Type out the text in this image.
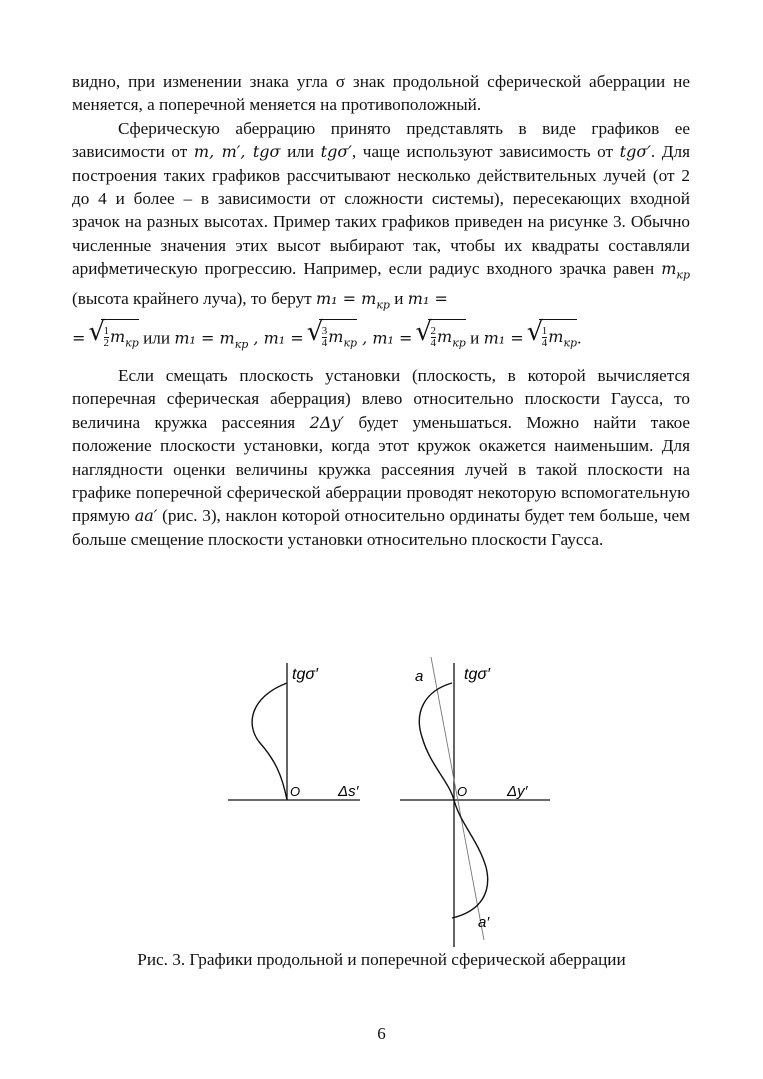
видно, при изменении знака угла σ знак продольной сферической аберрации не меняется, а поперечной меняется на противоположный.

Сферическую аберрацию принято представлять в виде графиков ее зависимости от m, m′, tgσ или tgσ′, чаще используют зависимость от tgσ′. Для построения таких графиков рассчитывают несколько действительных лучей (от 2 до 4 и более – в зависимости от сложности системы), пересекающих входной зрачок на разных высотах. Пример таких графиков приведен на рисунке 3. Обычно численные значения этих высот выбирают так, чтобы их квадраты составляли арифметическую прогрессию. Например, если радиус входного зрачка равен $m_{кр}$ (высота крайнего луча), то берут $m_1 = m_{кр}$ и m₁ =

= √ $\frac{1}{2} m_{кр}$ или $m_1 = m_{кр}$ , m₁ = √ $\frac{3}{4} m_{кр}$ , m₁ = √ $\frac{2}{4} m_{кр}$ и m₁ = √ $\frac{1}{4} m_{кр}$.

Если смещать плоскость установки (плоскость, в которой вычисляется поперечная сферическая аберрация) влево относительно плоскости Гаусса, то величина кружка рассеяния 2Δy′ будет уменьшаться. Можно найти такое положение плоскости установки, когда этот кружок окажется наименьшим. Для наглядности оценки величины кружка рассеяния лучей в такой плоскости на графике поперечной сферической аберрации проводят некоторую вспомогательную прямую aa′ (рис. 3), наклон которой относительно ординаты будет тем больше, чем больше смещение плоскости установки относительно плоскости Гаусса.

tgσ′
O	Δs′
tgσ′
O	Δy′
a
a′
Рис. 3. Графики продольной и поперечной сферической аберрации
6
